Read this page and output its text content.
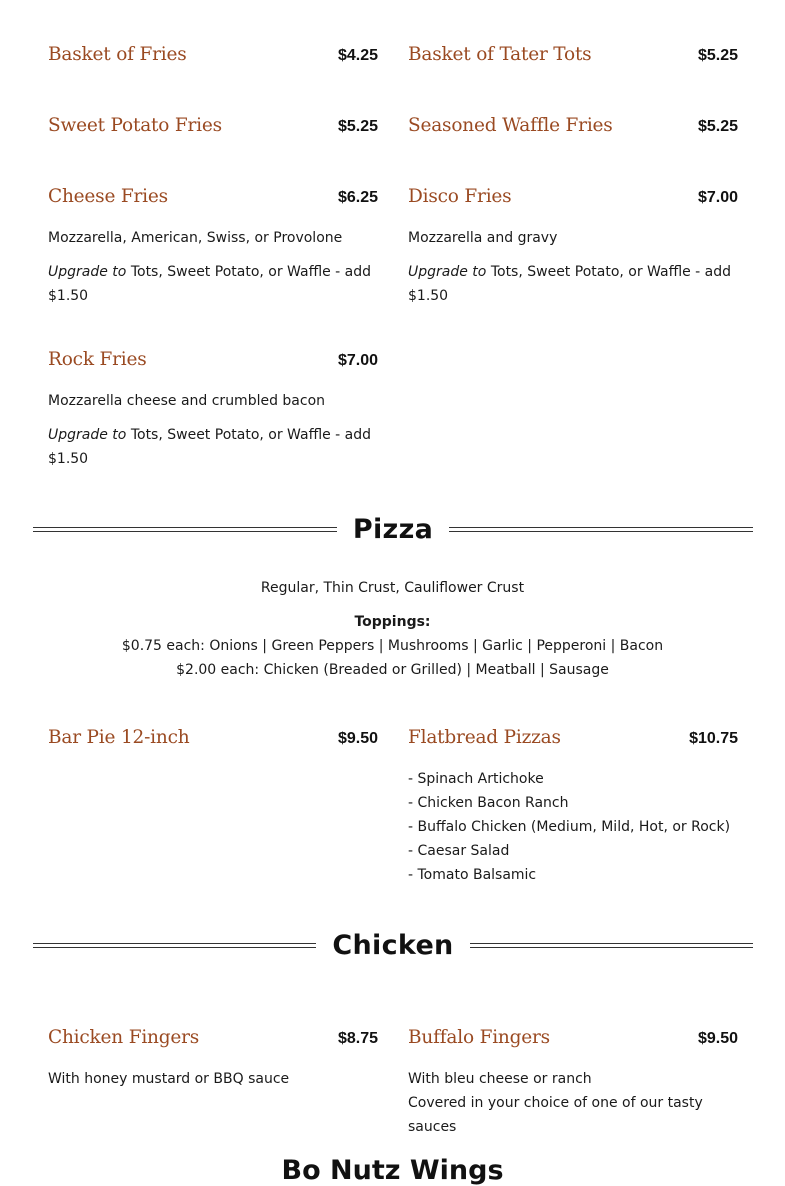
Basket of Fries	$4.25 Basket of Tater Tots	$5.25
Sweet Potato Fries	$5.25 Seasoned Waffle Fries	$5.25
Cheese Fries	$6.25
Mozzarella, American, Swiss, or Provolone
Upgrade to Tots, Sweet Potato, or Waffle - add $1.50
Disco Fries	$7.00
Mozzarella and gravy
Upgrade to Tots, Sweet Potato, or Waffle - add $1.50
Rock Fries	$7.00
Mozzarella cheese and crumbled bacon
Upgrade to Tots, Sweet Potato, or Waffle - add $1.50
Pizza
Regular, Thin Crust, Cauliflower Crust
Toppings:
$0.75 each: Onions | Green Peppers | Mushrooms | Garlic | Pepperoni | Bacon
$2.00 each: Chicken (Breaded or Grilled) | Meatball | Sausage
Bar Pie 12-inch	$9.50 Flatbread Pizzas	$10.75
- Spinach Artichoke
- Chicken Bacon Ranch
- Buffalo Chicken (Medium, Mild, Hot, or Rock)
- Caesar Salad
- Tomato Balsamic
Chicken
Chicken Fingers	$8.75
With honey mustard or BBQ sauce
Buffalo Fingers	$9.50
With bleu cheese or ranch
Covered in your choice of one of our tasty sauces
Bo Nutz Wings
